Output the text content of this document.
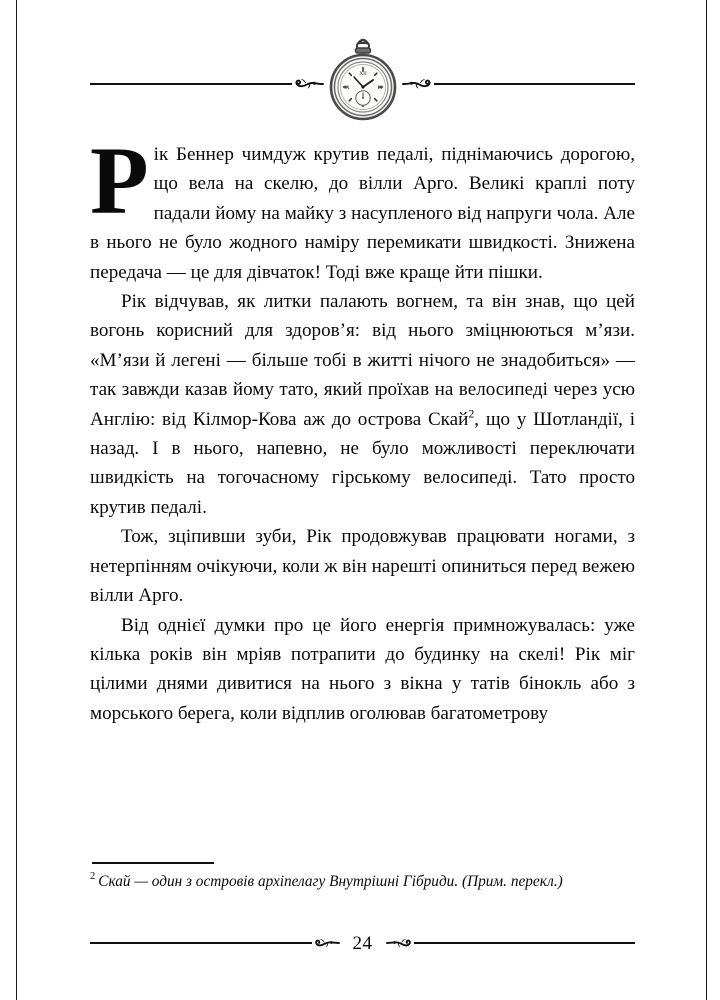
XII
III
IX

Рік Беннер чимдуж крутив педалі, піднімаючись дорогою, що вела на скелю, до вілли Арго. Великі краплі поту падали йому на майку з насупленого від напруги чола. Але в нього не було жодного наміру перемикати швидкості. Знижена передача — це для дівчаток! Тоді вже краще йти пішки.

Рік відчував, як литки палають вогнем, та він знав, що цей вогонь корисний для здоров’я: від нього зміцнюються м’язи. «М’язи й легені — більше тобі в житті нічого не знадобиться» — так завжди казав йому тато, який проїхав на велосипеді через усю Англію: від Кілмор-Кова аж до острова Скай$^2$, що у Шотландії, і назад. І в нього, напевно, не було можливості переключати швидкість на тогочасному гірському велосипеді. Тато просто крутив педалі.

Тож, зціпивши зуби, Рік продовжував працювати ногами, з нетерпінням очікуючи, коли ж він нарешті опиниться перед вежею вілли Арго.

Від однієї думки про це його енергія примножувалась: уже кілька років він мріяв потрапити до будинку на скелі! Рік міг цілими днями дивитися на нього з вікна у татів бінокль або з морського берега, коли відплив оголював багатометрову

$^2$ Скай — один з островів архіпелагу Внутрішні Гібриди. (Прим. перекл.)
24
